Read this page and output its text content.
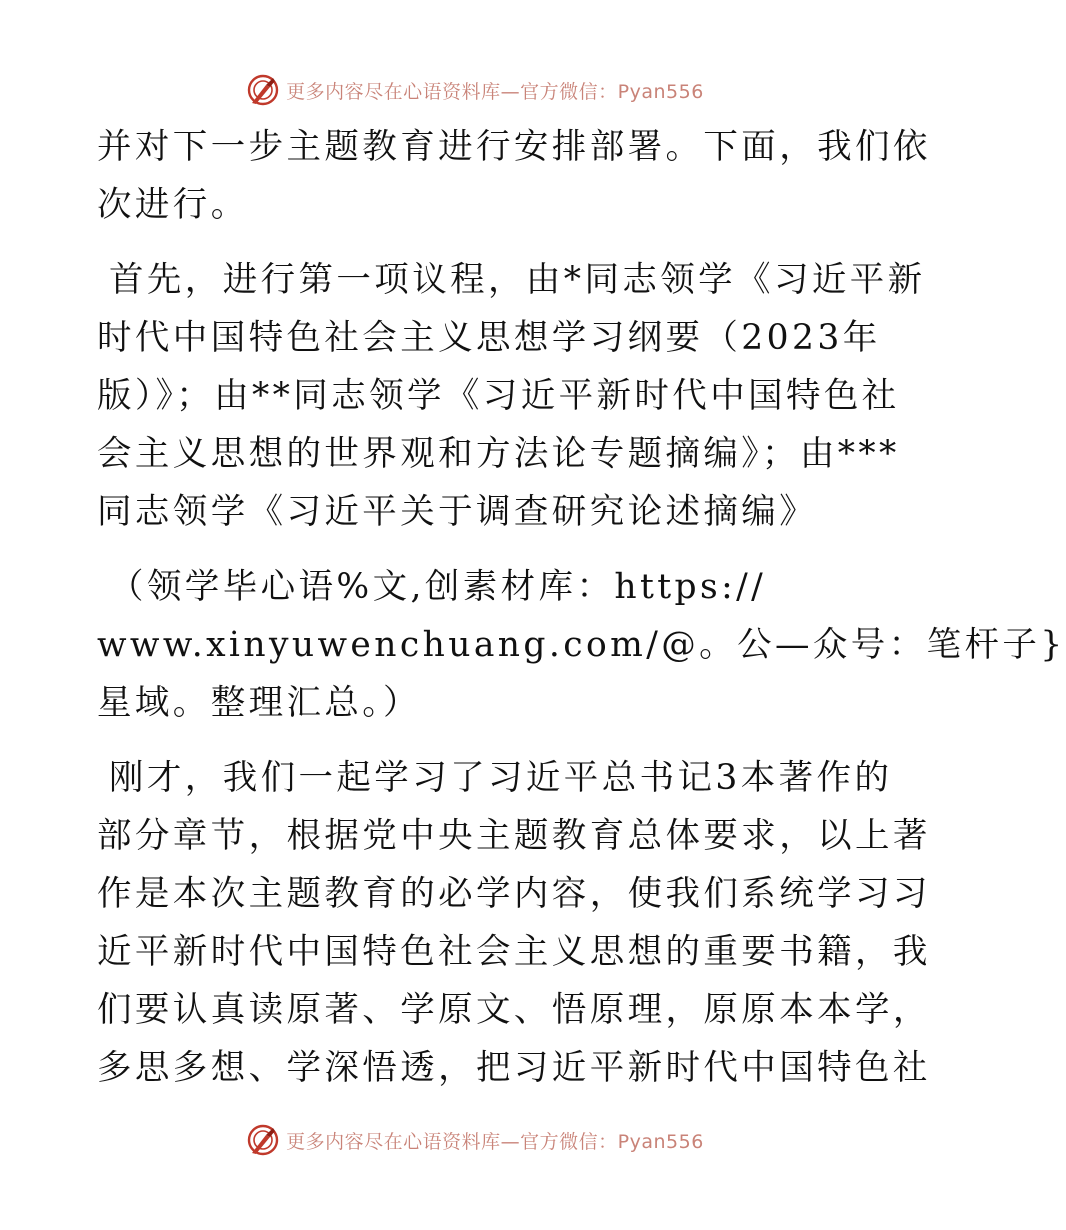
更多内容尽在心语资料库—官方微信：Pyan556

并对下一步主题教育进行安排部署。下面，我们依
次进行。

首先，进行第一项议程，由*同志领学《习近平新
时代中国特色社会主义思想学习纲要（2023年
版）》；由**同志领学《习近平新时代中国特色社
会主义思想的世界观和方法论专题摘编》；由***
同志领学《习近平关于调查研究论述摘编》

（领学毕心语%文,创素材库：https://
www.xinyuwenchuang.com/@。公—众号：笔杆子}
星域。整理汇总。）

刚才，我们一起学习了习近平总书记3本著作的
部分章节，根据党中央主题教育总体要求，以上著
作是本次主题教育的必学内容，使我们系统学习习
近平新时代中国特色社会主义思想的重要书籍，我
们要认真读原著、学原文、悟原理，原原本本学，
多思多想、学深悟透，把习近平新时代中国特色社

更多内容尽在心语资料库—官方微信：Pyan556
